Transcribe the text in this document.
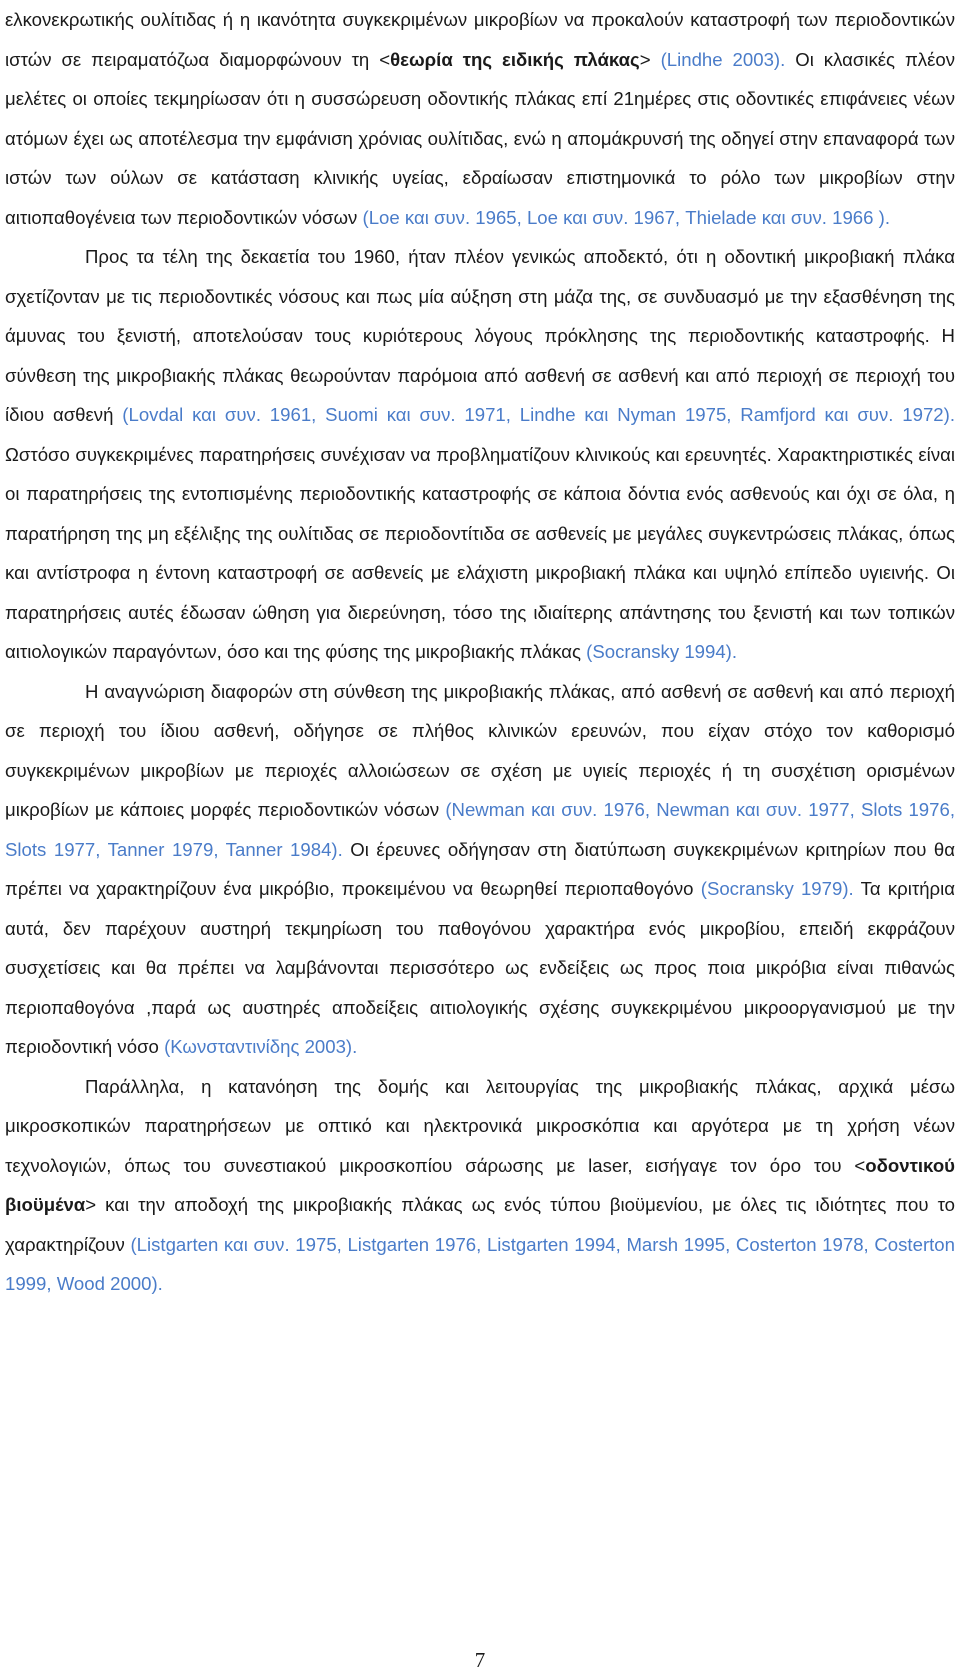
ελκονεκρωτικής ουλίτιδας ή η ικανότητα συγκεκριμένων μικροβίων να προκαλούν καταστροφή των περιοδοντικών ιστών σε πειραματόζωα διαμορφώνουν τη <θεωρία της ειδικής πλάκας> (Lindhe 2003). Οι κλασικές πλέον μελέτες οι οποίες τεκμηρίωσαν ότι η συσσώρευση οδοντικής πλάκας επί 21ημέρες στις οδοντικές επιφάνειες νέων ατόμων έχει ως αποτέλεσμα την εμφάνιση χρόνιας ουλίτιδας, ενώ η απομάκρυνσή της οδηγεί στην επαναφορά των ιστών των ούλων σε κατάσταση κλινικής υγείας, εδραίωσαν επιστημονικά το ρόλο των μικροβίων στην αιτιοπαθογένεια των περιοδοντικών νόσων (Loe και συν. 1965, Loe και συν. 1967, Thielade και συν. 1966 ).

Προς τα τέλη της δεκαετία του 1960, ήταν πλέον γενικώς αποδεκτό, ότι η οδοντική μικροβιακή πλάκα σχετίζονταν με τις περιοδοντικές νόσους και πως μία αύξηση στη μάζα της, σε συνδυασμό με την εξασθένηση της άμυνας του ξενιστή, αποτελούσαν τους κυριότερους λόγους πρόκλησης της περιοδοντικής καταστροφής. Η σύνθεση της μικροβιακής πλάκας θεωρούνταν παρόμοια από ασθενή σε ασθενή και από περιοχή σε περιοχή του ίδιου ασθενή (Lovdal και συν. 1961, Suomi και συν. 1971, Lindhe και Nyman 1975, Ramfjord και συν. 1972). Ωστόσο συγκεκριμένες παρατηρήσεις συνέχισαν να προβληματίζουν κλινικούς και ερευνητές. Χαρακτηριστικές είναι οι παρατηρήσεις της εντοπισμένης περιοδοντικής καταστροφής σε κάποια δόντια ενός ασθενούς και όχι σε όλα, η παρατήρηση της μη εξέλιξης της ουλίτιδας σε περιοδοντίτιδα σε ασθενείς με μεγάλες συγκεντρώσεις πλάκας, όπως και αντίστροφα η έντονη καταστροφή σε ασθενείς με ελάχιστη μικροβιακή πλάκα και υψηλό επίπεδο υγιεινής. Οι παρατηρήσεις αυτές έδωσαν ώθηση για διερεύνηση, τόσο της ιδιαίτερης απάντησης του ξενιστή και των τοπικών αιτιολογικών παραγόντων, όσο και της φύσης της μικροβιακής πλάκας (Socransky 1994).

Η αναγνώριση διαφορών στη σύνθεση της μικροβιακής πλάκας, από ασθενή σε ασθενή και από περιοχή σε περιοχή του ίδιου ασθενή, οδήγησε σε πλήθος κλινικών ερευνών, που είχαν στόχο τον καθορισμό συγκεκριμένων μικροβίων με περιοχές αλλοιώσεων σε σχέση με υγιείς περιοχές ή τη συσχέτιση ορισμένων μικροβίων με κάποιες μορφές περιοδοντικών νόσων (Newman και συν. 1976, Newman και συν. 1977, Slots 1976, Slots 1977, Tanner 1979, Tanner 1984). Οι έρευνες οδήγησαν στη διατύπωση συγκεκριμένων κριτηρίων που θα πρέπει να χαρακτηρίζουν ένα μικρόβιο, προκειμένου να θεωρηθεί περιοπαθογόνο (Socransky 1979). Τα κριτήρια αυτά, δεν παρέχουν αυστηρή τεκμηρίωση του παθογόνου χαρακτήρα ενός μικροβίου, επειδή εκφράζουν συσχετίσεις και θα πρέπει να λαμβάνονται περισσότερο ως ενδείξεις ως προς ποια μικρόβια είναι πιθανώς περιοπαθογόνα ,παρά ως αυστηρές αποδείξεις αιτιολογικής σχέσης συγκεκριμένου μικροοργανισμού με την περιοδοντική νόσο (Κωνσταντινίδης 2003).

Παράλληλα, η κατανόηση της δομής και λειτουργίας της μικροβιακής πλάκας, αρχικά μέσω μικροσκοπικών παρατηρήσεων με οπτικό και ηλεκτρονικά μικροσκόπια και αργότερα με τη χρήση νέων τεχνολογιών, όπως του συνεστιακού μικροσκοπίου σάρωσης με laser, εισήγαγε τον όρο του <οδοντικού βιοϋμένα> και την αποδοχή της μικροβιακής πλάκας ως ενός τύπου βιοϋμενίου, με όλες τις ιδιότητες που το χαρακτηρίζουν (Listgarten και συν. 1975, Listgarten 1976, Listgarten 1994, Marsh 1995, Costerton 1978, Costerton 1999, Wood 2000).

7
